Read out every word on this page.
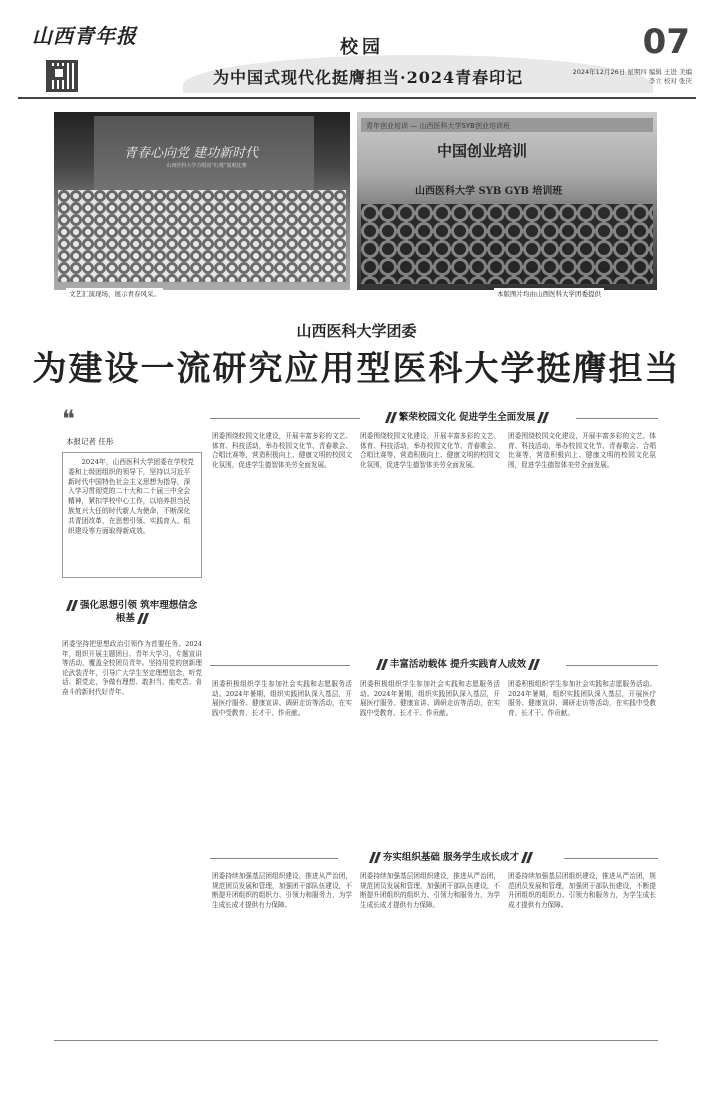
山西青年报	校园
为中国式现代化挺膺担当·2024青春印记
07
2024年12月26日 星期四 编辑 王进 美编 李立 校对 张庆
青春心向党 建功新时代
山西医科大学合唱团“红歌”演唱比赛
文艺汇演现场，展示青春风采。
青年创业培训 — 山西医科大学SYB创业培训班
中国创业培训
山西医科大学 SYB GYB 培训班
本版图片均由山西医科大学团委提供
山西医科大学团委
为建设一流研究应用型医科大学挺膺担当
❝
本报记者 任彤
2024年，山西医科大学团委在学校党委和上级团组织的领导下，坚持以习近平新时代中国特色社会主义思想为指导，深入学习贯彻党的二十大和二十届三中全会精神，紧扣学校中心工作，以培养担当民族复兴大任的时代新人为使命，不断深化共青团改革，在思想引领、实践育人、组织建设等方面取得新成效。
繁荣校园文化 促进学生全面发展
团委围绕校园文化建设，开展丰富多彩的文艺、体育、科技活动，举办校园文化节、青春歌会、合唱比赛等，营造积极向上、健康文明的校园文化氛围，促进学生德智体美劳全面发展。
团委围绕校园文化建设，开展丰富多彩的文艺、体育、科技活动，举办校园文化节、青春歌会、合唱比赛等，营造积极向上、健康文明的校园文化氛围，促进学生德智体美劳全面发展。
团委围绕校园文化建设，开展丰富多彩的文艺、体育、科技活动，举办校园文化节、青春歌会、合唱比赛等，营造积极向上、健康文明的校园文化氛围，促进学生德智体美劳全面发展。
强化思想引领 筑牢理想信念根基
团委坚持把思想政治引领作为首要任务。2024年，组织开展主题团日、青年大学习、专题宣讲等活动，覆盖全校团员青年。坚持用党的创新理论武装青年，引导广大学生坚定理想信念，听党话、跟党走，争做有理想、敢担当、能吃苦、肯奋斗的新时代好青年。
丰富活动载体 提升实践育人成效
团委积极组织学生参加社会实践和志愿服务活动。2024年暑期，组织实践团队深入基层，开展医疗服务、健康宣讲、调研走访等活动，在实践中受教育、长才干、作贡献。
团委积极组织学生参加社会实践和志愿服务活动。2024年暑期，组织实践团队深入基层，开展医疗服务、健康宣讲、调研走访等活动，在实践中受教育、长才干、作贡献。
团委积极组织学生参加社会实践和志愿服务活动。2024年暑期，组织实践团队深入基层，开展医疗服务、健康宣讲、调研走访等活动，在实践中受教育、长才干、作贡献。
夯实组织基础 服务学生成长成才
团委持续加强基层团组织建设，推进从严治团，规范团员发展和管理，加强团干部队伍建设，不断提升团组织的组织力、引领力和服务力，为学生成长成才提供有力保障。
团委持续加强基层团组织建设，推进从严治团，规范团员发展和管理，加强团干部队伍建设，不断提升团组织的组织力、引领力和服务力，为学生成长成才提供有力保障。
团委持续加强基层团组织建设，推进从严治团，规范团员发展和管理，加强团干部队伍建设，不断提升团组织的组织力、引领力和服务力，为学生成长成才提供有力保障。
